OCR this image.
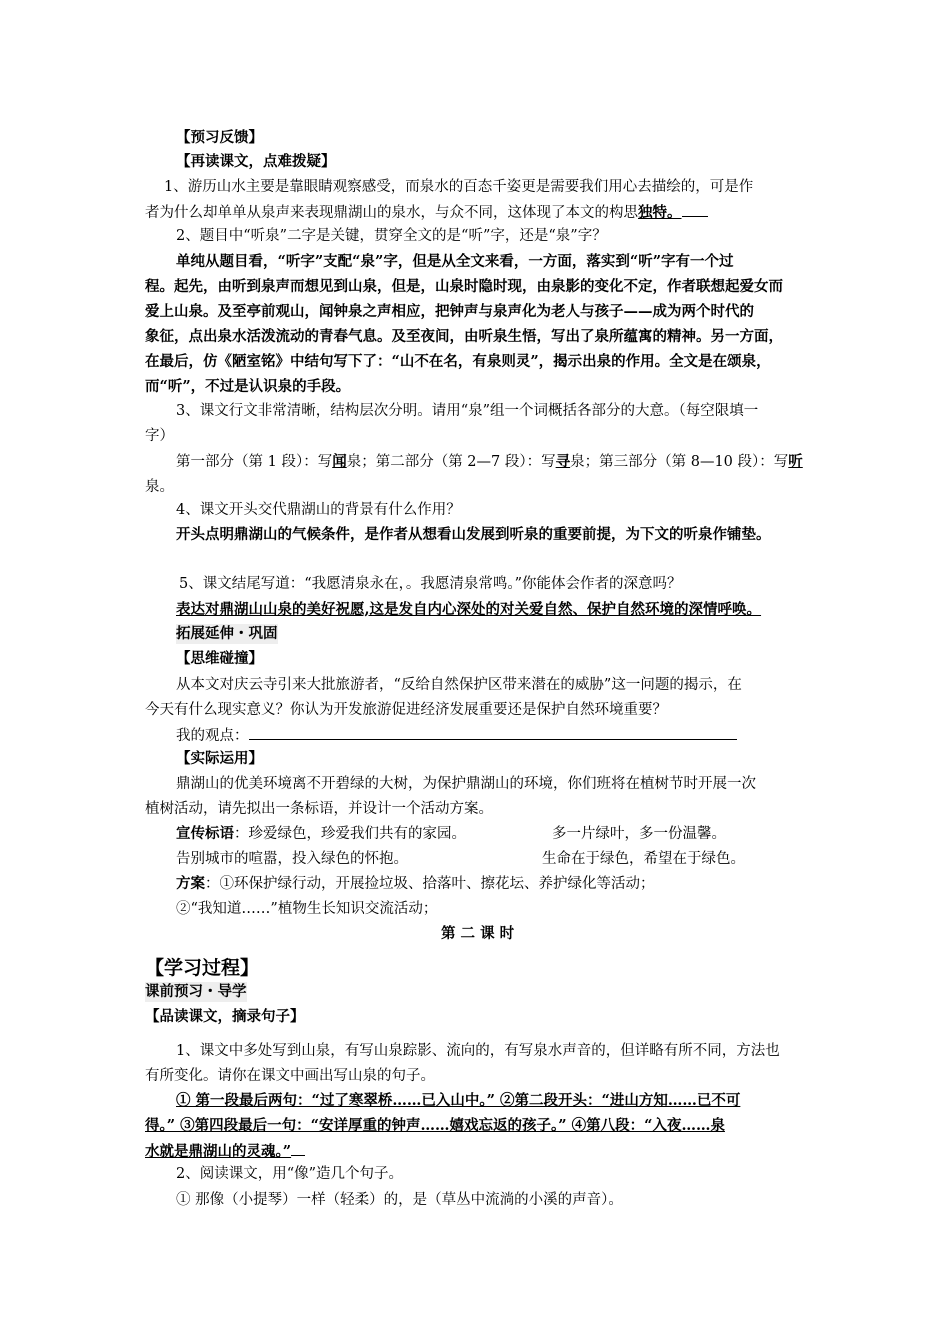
【预习反馈】
【再读课文，点难拨疑】
1、游历山水主要是靠眼睛观察感受，而泉水的百态千姿更是需要我们用心去描绘的，可是作
者为什么却单单从泉声来表现鼎湖山的泉水，与众不同，这体现了本文的构思独特。
2、题目中“听泉”二字是关键，贯穿全文的是“听”字，还是“泉”字？
单纯从题目看，“听字”支配“泉”字，但是从全文来看，一方面，落实到“听”字有一个过
程。起先，由听到泉声而想见到山泉，但是，山泉时隐时现，由泉影的变化不定，作者联想起爱女而
爱上山泉。及至亭前观山，闻钟泉之声相应，把钟声与泉声化为老人与孩子——成为两个时代的
象征，点出泉水活泼流动的青春气息。及至夜间，由听泉生悟，写出了泉所蕴寓的精神。另一方面，
在最后，仿《陋室铭》中结句写下了：“山不在名，有泉则灵”，揭示出泉的作用。全文是在颂泉，
而“听”，不过是认识泉的手段。
3、课文行文非常清晰，结构层次分明。请用“泉”组一个词概括各部分的大意。（每空限填一
字）
第一部分（第 1 段）：写闻泉；第二部分（第 2—7 段）：写寻泉；第三部分（第 8—10 段）：写听
泉。
4、课文开头交代鼎湖山的背景有什么作用？
开头点明鼎湖山的气候条件，是作者从想看山发展到听泉的重要前提，为下文的听泉作铺垫。
5、课文结尾写道：“我愿清泉永在，。我愿清泉常鸣。”你能体会作者的深意吗？
表达对鼎湖山山泉的美好祝愿,这是发自内心深处的对关爱自然、保护自然环境的深情呼唤。
拓展延伸・巩固
【思维碰撞】
从本文对庆云寺引来大批旅游者，“反给自然保护区带来潜在的威胁”这一问题的揭示，在
今天有什么现实意义？你认为开发旅游促进经济发展重要还是保护自然环境重要？
我的观点：
【实际运用】
鼎湖山的优美环境离不开碧绿的大树，为保护鼎湖山的环境，你们班将在植树节时开展一次
植树活动，请先拟出一条标语，并设计一个活动方案。
宣传标语：珍爱绿色，珍爱我们共有的家园。	多一片绿叶，多一份温馨。
告别城市的喧嚣，投入绿色的怀抱。	生命在于绿色，希望在于绿色。
方案：①环保护绿行动，开展捡垃圾、拾落叶、擦花坛、养护绿化等活动；
②“我知道……”植物生长知识交流活动；
第 二 课 时
【学习过程】
课前预习・导学
【品读课文，摘录句子】
1、课文中多处写到山泉，有写山泉踪影、流向的，有写泉水声音的，但详略有所不同，方法也
有所变化。请你在课文中画出写山泉的句子。
① 第一段最后两句：“过了寒翠桥……已入山中。” ②第二段开头：“进山方知……已不可
得。” ③第四段最后一句：“安详厚重的钟声……嬉戏忘返的孩子。” ④第八段：“入夜……泉
水就是鼎湖山的灵魂。”
2、阅读课文，用“像”造几个句子。
① 那像（小提琴）一样（轻柔）的，是（草丛中流淌的小溪的声音）。
